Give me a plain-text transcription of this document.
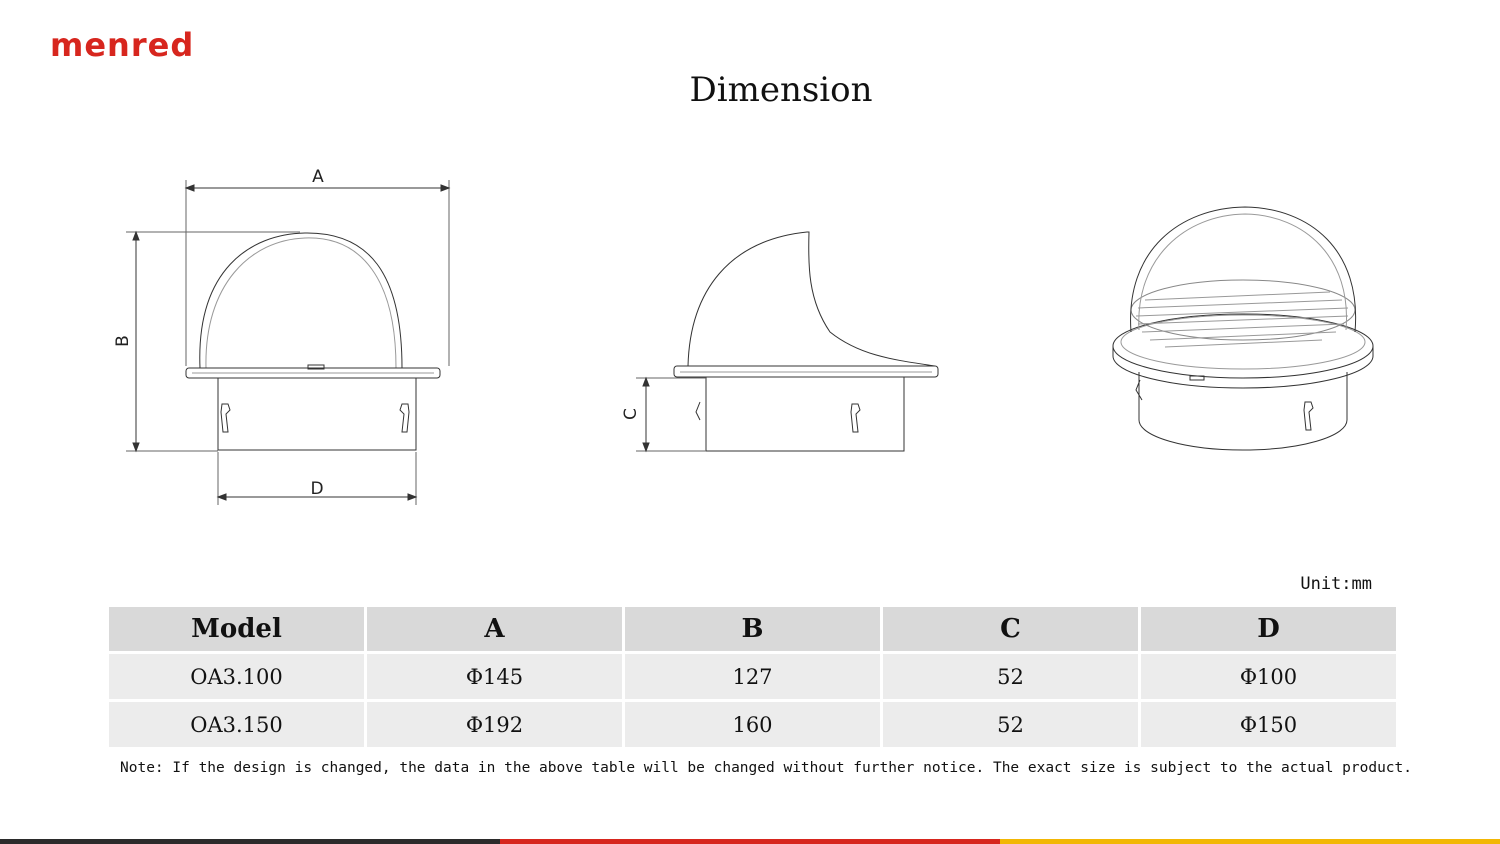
menred
Dimension
A
B
D
C
Unit:mm
Model	A	B	C	D
OA3.100	Φ145	127	52	Φ100
OA3.150	Φ192	160	52	Φ150
Note: If the design is changed, the data in the above table will be changed without further notice. The exact size is subject to the actual product.
